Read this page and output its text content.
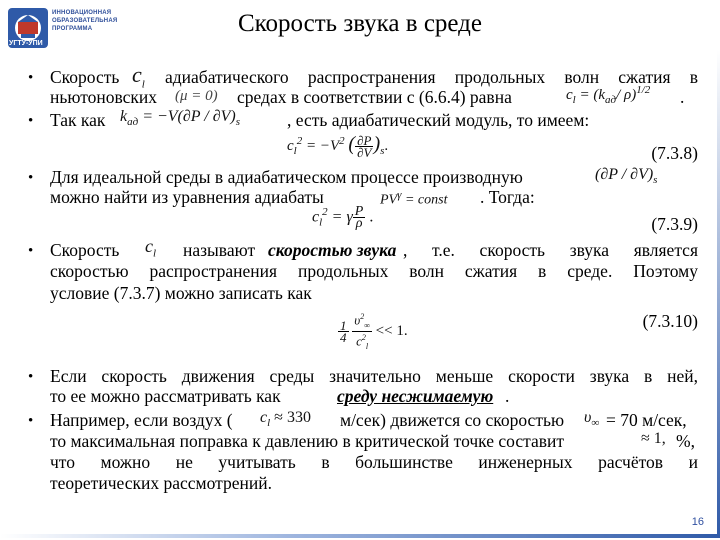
УГТУ-УПИ
ИННОВАЦИОННАЯ
ОБРАЗОВАТЕЛЬНАЯ
ПРОГРАММА	Скорость звука в среде
• Скорость $c_l$ адиабатического распространения продольных волн сжатия в
ньютоновских (μ = 0) средах в соответствии с (6.6.4) равна	$c_l = (k_{ад}/$ ρ)$^{1/2}$ .
• Так как $k_{ад} = -V(\partial P / \partial V)_s$	, есть адиабатический модуль, то имеем:
$c_l^2 = -V^2$ ( $\frac{\partial P}{\partial V} )_s$.	(7.3.8)
• Для идеальной среды в адиабатическом процессе производную	$(\partial P / \partial V)_s$
можно найти из уравнения адиабаты	$PV^\gamma$ = const . Тогда:
$c_l^2 = \gamma \frac{P}{\rho}$ .	(7.3.9)
• Скорость $c_l$ называют скоростью звука , т.е. скорость звука является
скоростью распространения продольных волн сжатия в среде. Поэтому
условие (7.3.7) можно записать как
$\frac{1}{4}$
$\frac{\upsilon^2_\infty}{c^2_l} << 1$.	(7.3.10)
• Если скорость движения среды значительно меньше скорости звука в ней,
то ее можно рассматривать как	среду несжимаемую .
• Например, если воздух ( $c_l \approx 330$ м/сек) движется со скоростью $\upsilon_\infty = 70$ м/сек,
то максимальная поправка к давлению в критической точке составит	≈ 1, %,
что можно не учитывать в большинстве инженерных расчётов и
теоретических рассмотрений.
16
